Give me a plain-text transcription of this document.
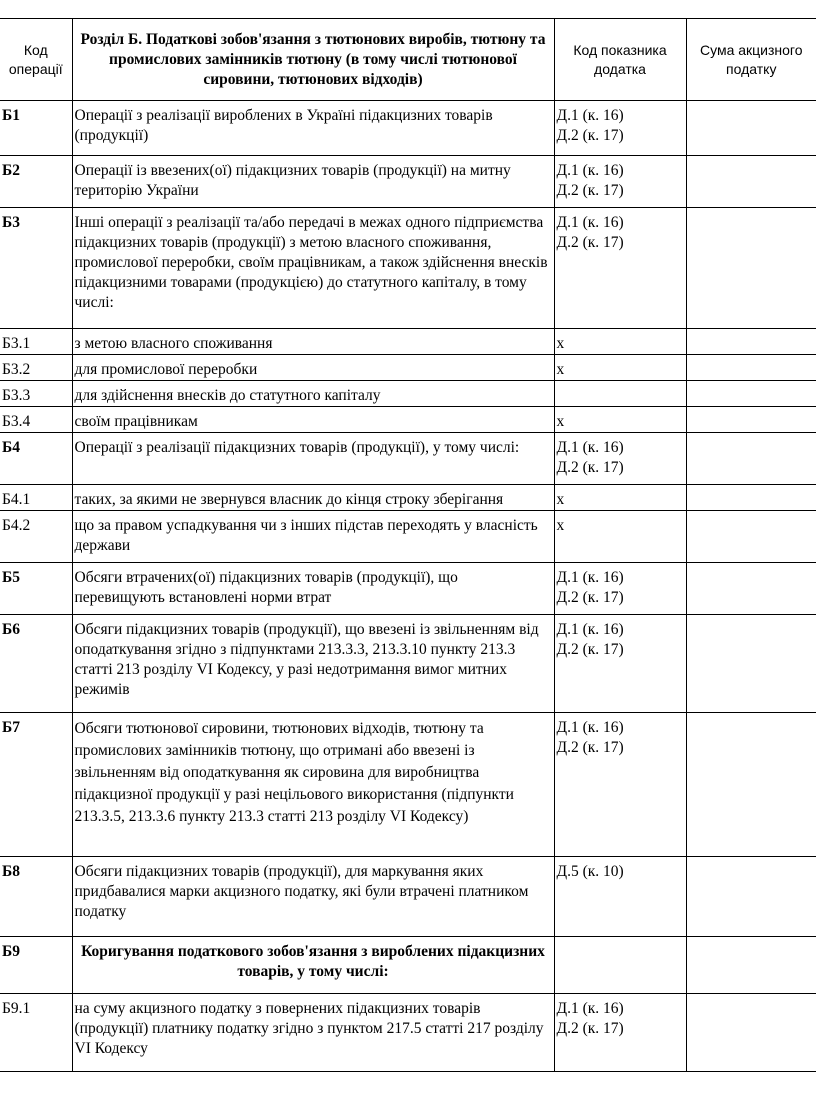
Код операції	Розділ Б. Податкові зобов'язання з тютюнових виробів, тютюну та промислових замінників тютюну (в тому числі тютюнової сировини, тютюнових відходів)	Код показника додатка	Сума акцизного податку
Б1	Операції з реалізації вироблених в Україні підакцизних товарів (продукції)	Д.1 (к. 16)
Д.2 (к. 17)	

Б2	Операції із ввезених(ої) підакцизних товарів (продукції) на митну територію України	Д.1 (к. 16)
Д.2 (к. 17)	

Б3	Інші операції з реалізації та/або передачі в межах одного підприємства підакцизних товарів (продукції) з метою власного споживання, промислової переробки, своїм працівникам, а також здійснення внесків підакцизними товарами (продукцією) до статутного капіталу, в тому числі:	Д.1 (к. 16)
Д.2 (к. 17)	

Б3.1	з метою власного споживання	х	

Б3.2	для промислової переробки	х	

Б3.3	для здійснення внесків до статутного капіталу	

Б3.4	своїм працівникам	х	

Б4	Операції з реалізації підакцизних товарів (продукції), у тому числі:	Д.1 (к. 16)
Д.2 (к. 17)	

Б4.1	таких, за якими не звернувся власник до кінця строку зберігання	х	

Б4.2	що за правом успадкування чи з інших підстав переходять у власність держави	х	

Б5	Обсяги втрачених(ої) підакцизних товарів (продукції), що перевищують встановлені норми втрат	Д.1 (к. 16)
Д.2 (к. 17)	

Б6	Обсяги підакцизних товарів (продукції), що ввезені із звільненням від оподаткування згідно з підпунктами 213.3.3, 213.3.10 пункту 213.3 статті 213 розділу VI Кодексу, у разі недотримання вимог митних режимів	Д.1 (к. 16)
Д.2 (к. 17)	

Б7	Обсяги тютюнової сировини, тютюнових відходів, тютюну та промислових замінників тютюну, що отримані або ввезені із звільненням від оподаткування як сировина для виробництва підакцизної продукції у разі нецільового використання (підпункти 213.3.5, 213.3.6 пункту 213.3 статті 213 розділу VI Кодексу)	Д.1 (к. 16)
Д.2 (к. 17)	

Б8	Обсяги підакцизних товарів (продукції), для маркування яких придбавалися марки акцизного податку, які були втрачені платником податку	Д.5 (к. 10)	

Б9	Коригування податкового зобов'язання з вироблених підакцизних товарів, у тому числі:	

Б9.1	на суму акцизного податку з повернених підакцизних товарів (продукції) платнику податку згідно з пунктом 217.5 статті 217 розділу VI Кодексу	Д.1 (к. 16)
Д.2 (к. 17)	
